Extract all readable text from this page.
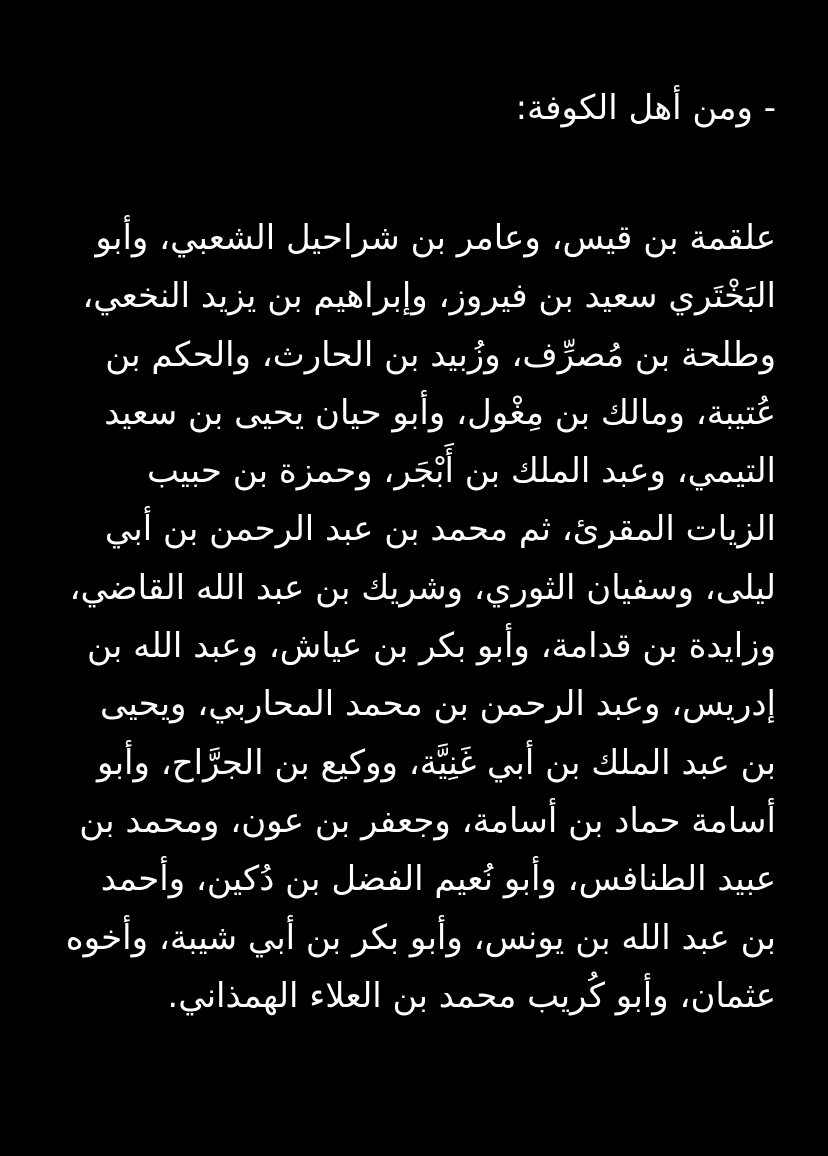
- ومن أهل الكوفة:
علقمة بن قيس، وعامر بن شراحيل الشعبي، وأبو
البَخْتَري سعيد بن فيروز، وإبراهيم بن يزيد النخعي،
وطلحة بن مُصرِّف، وزُبيد بن الحارث، والحكم بن
عُتيبة، ومالك بن مِغْول، وأبو حيان يحيى بن سعيد
التيمي، وعبد الملك بن أَبْجَر، وحمزة بن حبيب
الزيات المقرئ، ثم محمد بن عبد الرحمن بن أبي
ليلى، وسفيان الثوري، وشريك بن عبد الله القاضي،
وزايدة بن قدامة، وأبو بكر بن عياش، وعبد الله بن
إدريس، وعبد الرحمن بن محمد المحاربي، ويحيى
بن عبد الملك بن أبي غَنِيَّة، ووكيع بن الجرَّاح، وأبو
أسامة حماد بن أسامة، وجعفر بن عون، ومحمد بن
عبيد الطنافس، وأبو نُعيم الفضل بن دُكين، وأحمد
بن عبد الله بن يونس، وأبو بكر بن أبي شيبة، وأخوه
عثمان، وأبو كُريب محمد بن العلاء الهمذاني.
